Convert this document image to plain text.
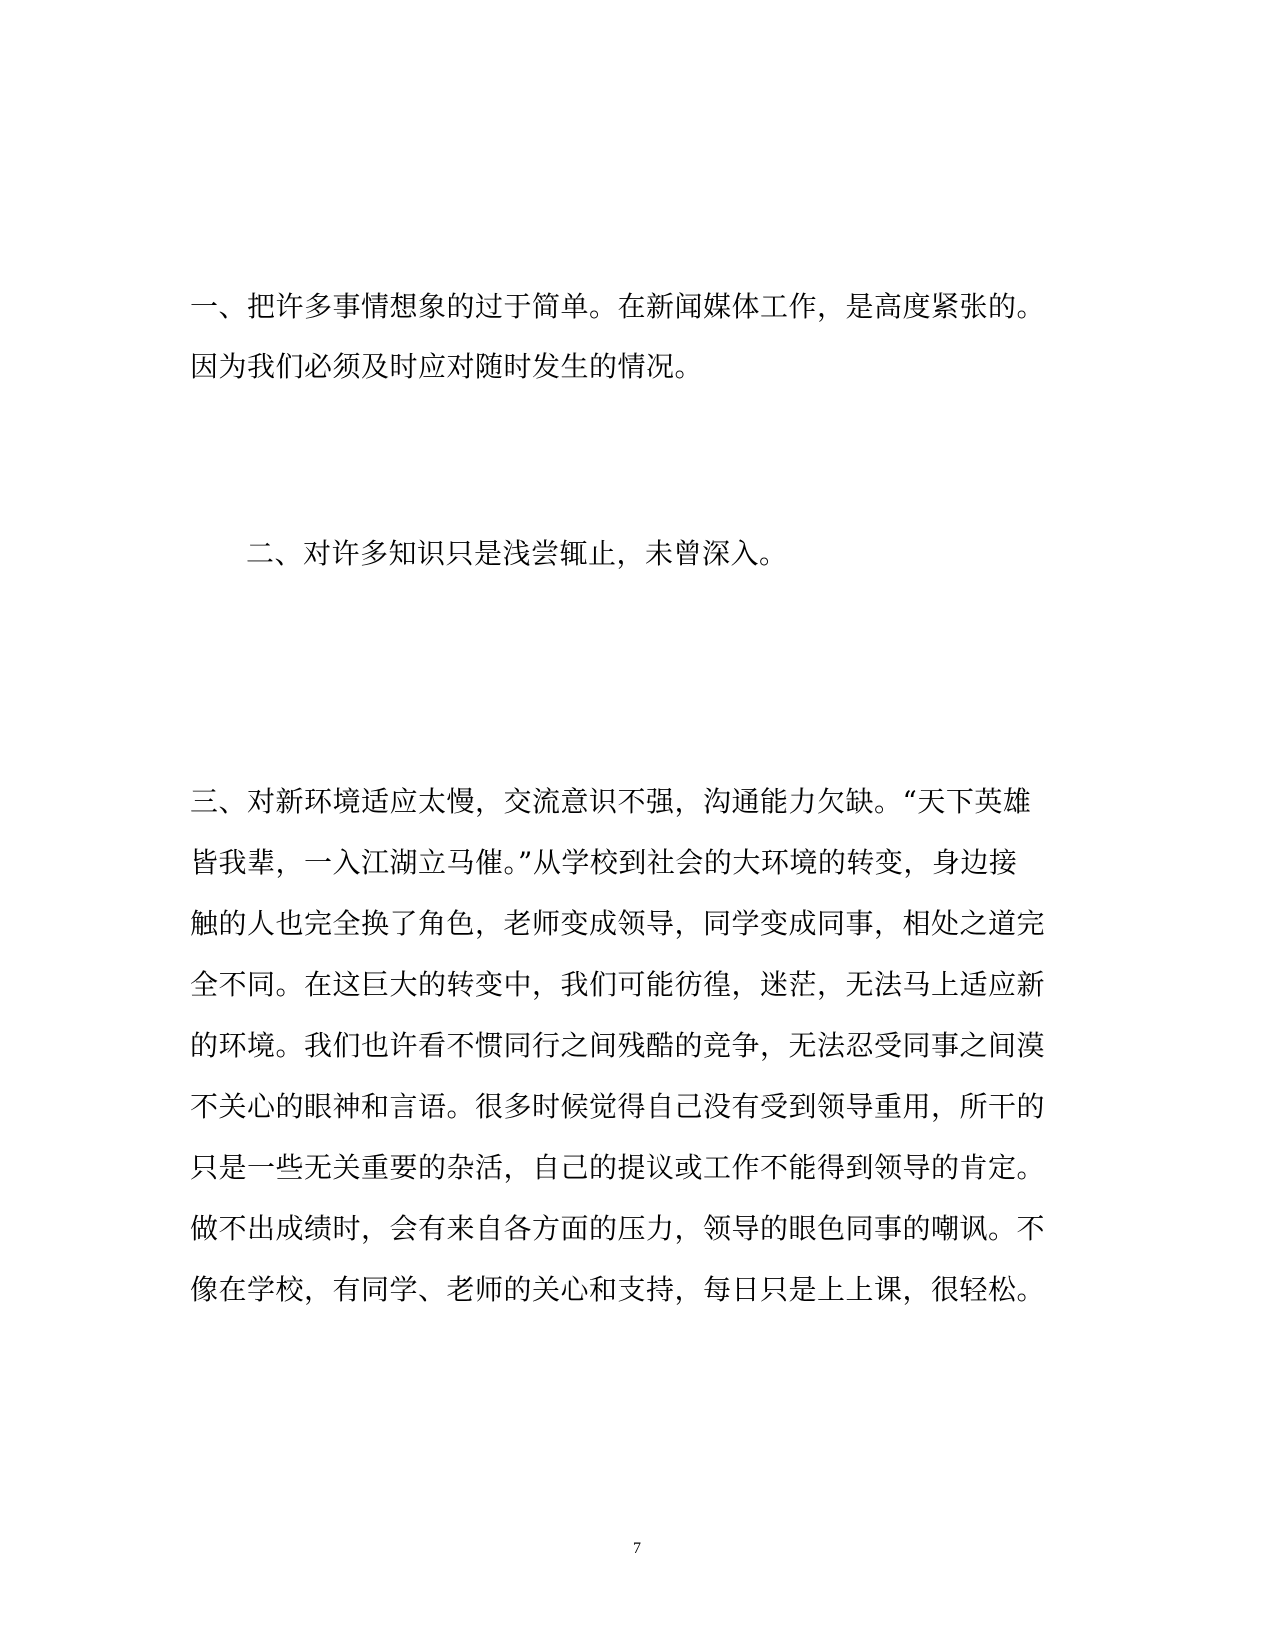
一、把许多事情想象的过于简单。在新闻媒体工作，是高度紧张的。
因为我们必须及时应对随时发生的情况。
二、对许多知识只是浅尝辄止，未曾深入。
三、对新环境适应太慢，交流意识不强，沟通能力欠缺。“天下英雄
皆我辈，一入江湖立马催。”从学校到社会的大环境的转变，身边接
触的人也完全换了角色，老师变成领导，同学变成同事，相处之道完
全不同。在这巨大的转变中，我们可能彷徨，迷茫，无法马上适应新
的环境。我们也许看不惯同行之间残酷的竞争，无法忍受同事之间漠
不关心的眼神和言语。很多时候觉得自己没有受到领导重用，所干的
只是一些无关重要的杂活，自己的提议或工作不能得到领导的肯定。
做不出成绩时，会有来自各方面的压力，领导的眼色同事的嘲讽。不
像在学校，有同学、老师的关心和支持，每日只是上上课，很轻松。
7
